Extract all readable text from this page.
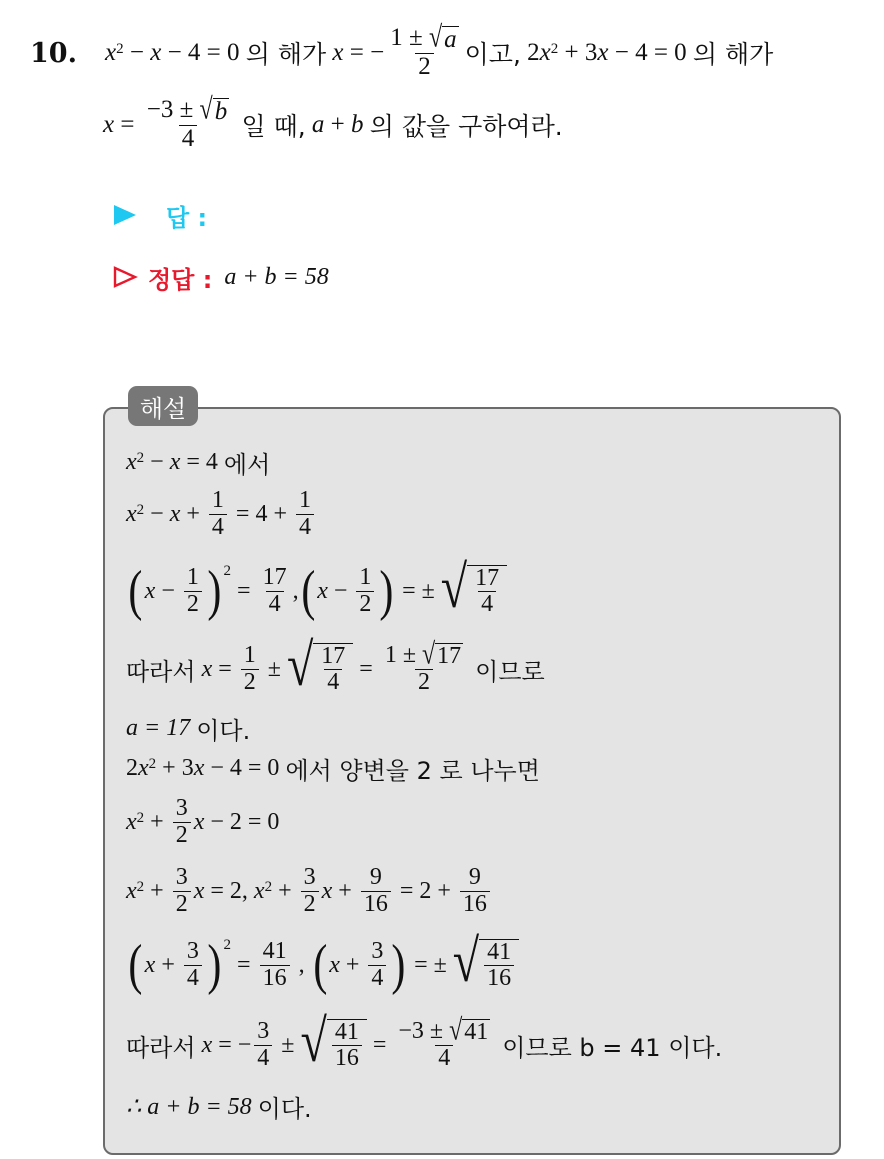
10. $x^2 - x - 4 = 0$ 의 해가
x = − $\frac{1 \pm √ a}{2}$ 이고, 2 $x^2 + 3$ x − 4 = 0 의 해가
$x = \frac{-3 \pm √ b}{4}$
일 때,
a + b
의 값을 구하여라.
답 :
정답 : a + b = 58
해설
$x^2 - x = 4$ 에서
$x^2 - x + \frac{1}{4} = 4 + \frac{1}{4}$
( $x - \frac{1}{2} )^2$
= $\frac{17}{4}$ , ( $x - \frac{1}{2}$ ) = ± √ $\frac{17}{4}$
따라서
$x = \frac{1}{2}$ ± √ $\frac{17}{4} = \frac{1 \pm √ 17}{2}$
이므로
a = 17
이다.
2 $x^2 + 3$ x − 4 = 0 에서 양변을 2 로 나누면
$x^2 + \frac{3}{2}$ x − 2 = 0
$x^2 + \frac{3}{2}$ x = 2, $x^2 + \frac{3}{2}$ $x + \frac{9}{16} = 2 + \frac{9}{16}$
( $x + \frac{3}{4} )^2$
= $\frac{41}{16}$ , ( $x + \frac{3}{4}$ ) = ± √ $\frac{41}{16}$
따라서
x = − $\frac{3}{4}$ ± √ $\frac{41}{16} = \frac{-3 \pm √ 41}{4}$
이므로 b = 41 이다.
∴ a + b = 58
이다.
